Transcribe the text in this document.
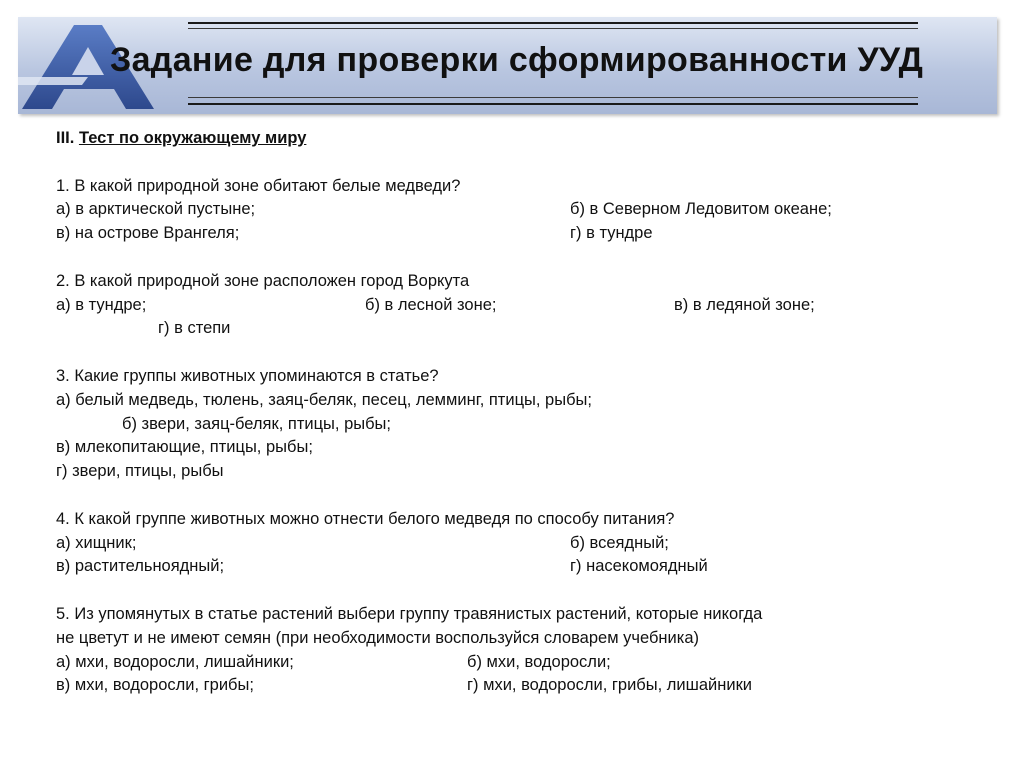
Задание для проверки сформированности УУД
III. Тест по окружающему миру
1. В какой природной зоне обитают белые медведи?
а) в арктической пустыне;	б) в Северном Ледовитом океане;
в) на острове Врангеля;	г) в тундре
2. В какой природной зоне расположен город Воркута
а) в тундре;	б) в лесной зоне;	в) в ледяной зоне;
г) в степи
3. Какие группы животных упоминаются в статье?
а) белый медведь, тюлень, заяц-беляк, песец, лемминг, птицы, рыбы;
б) звери, заяц-беляк, птицы, рыбы;
в) млекопитающие, птицы, рыбы;
г) звери, птицы, рыбы
4. К какой группе животных можно отнести белого медведя по способу питания?
а) хищник;	б) всеядный;
в) растительноядный;	г) насекомоядный
5. Из упомянутых в статье растений выбери группу травянистых растений, которые никогда
не цветут и не имеют семян (при необходимости воспользуйся словарем учебника)
а) мхи, водоросли, лишайники;	б) мхи, водоросли;
в) мхи, водоросли, грибы;	г) мхи, водоросли, грибы, лишайники
